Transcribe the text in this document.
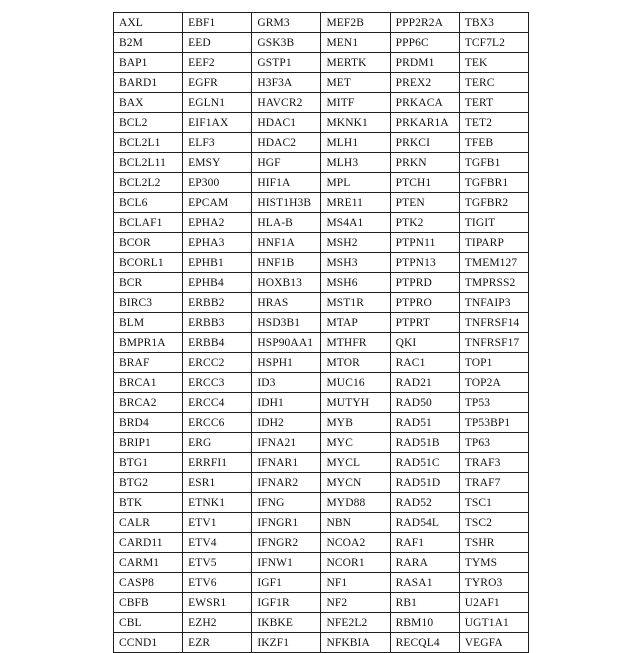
AXL	EBF1	GRM3	MEF2B	PPP2R2A	TBX3
B2M	EED	GSK3B	MEN1	PPP6C	TCF7L2
BAP1	EEF2	GSTP1	MERTK	PRDM1	TEK
BARD1	EGFR	H3F3A	MET	PREX2	TERC
BAX	EGLN1	HAVCR2	MITF	PRKACA	TERT
BCL2	EIF1AX	HDAC1	MKNK1	PRKAR1A	TET2
BCL2L1	ELF3	HDAC2	MLH1	PRKCI	TFEB
BCL2L11	EMSY	HGF	MLH3	PRKN	TGFB1
BCL2L2	EP300	HIF1A	MPL	PTCH1	TGFBR1
BCL6	EPCAM	HIST1H3B	MRE11	PTEN	TGFBR2
BCLAF1	EPHA2	HLA-B	MS4A1	PTK2	TIGIT
BCOR	EPHA3	HNF1A	MSH2	PTPN11	TIPARP
BCORL1	EPHB1	HNF1B	MSH3	PTPN13	TMEM127
BCR	EPHB4	HOXB13	MSH6	PTPRD	TMPRSS2
BIRC3	ERBB2	HRAS	MST1R	PTPRO	TNFAIP3
BLM	ERBB3	HSD3B1	MTAP	PTPRT	TNFRSF14
BMPR1A	ERBB4	HSP90AA1	MTHFR	QKI	TNFRSF17
BRAF	ERCC2	HSPH1	MTOR	RAC1	TOP1
BRCA1	ERCC3	ID3	MUC16	RAD21	TOP2A
BRCA2	ERCC4	IDH1	MUTYH	RAD50	TP53
BRD4	ERCC6	IDH2	MYB	RAD51	TP53BP1
BRIP1	ERG	IFNA21	MYC	RAD51B	TP63
BTG1	ERRFI1	IFNAR1	MYCL	RAD51C	TRAF3
BTG2	ESR1	IFNAR2	MYCN	RAD51D	TRAF7
BTK	ETNK1	IFNG	MYD88	RAD52	TSC1
CALR	ETV1	IFNGR1	NBN	RAD54L	TSC2
CARD11	ETV4	IFNGR2	NCOA2	RAF1	TSHR
CARM1	ETV5	IFNW1	NCOR1	RARA	TYMS
CASP8	ETV6	IGF1	NF1	RASA1	TYRO3
CBFB	EWSR1	IGF1R	NF2	RB1	U2AF1
CBL	EZH2	IKBKE	NFE2L2	RBM10	UGT1A1
CCND1	EZR	IKZF1	NFKBIA	RECQL4	VEGFA
